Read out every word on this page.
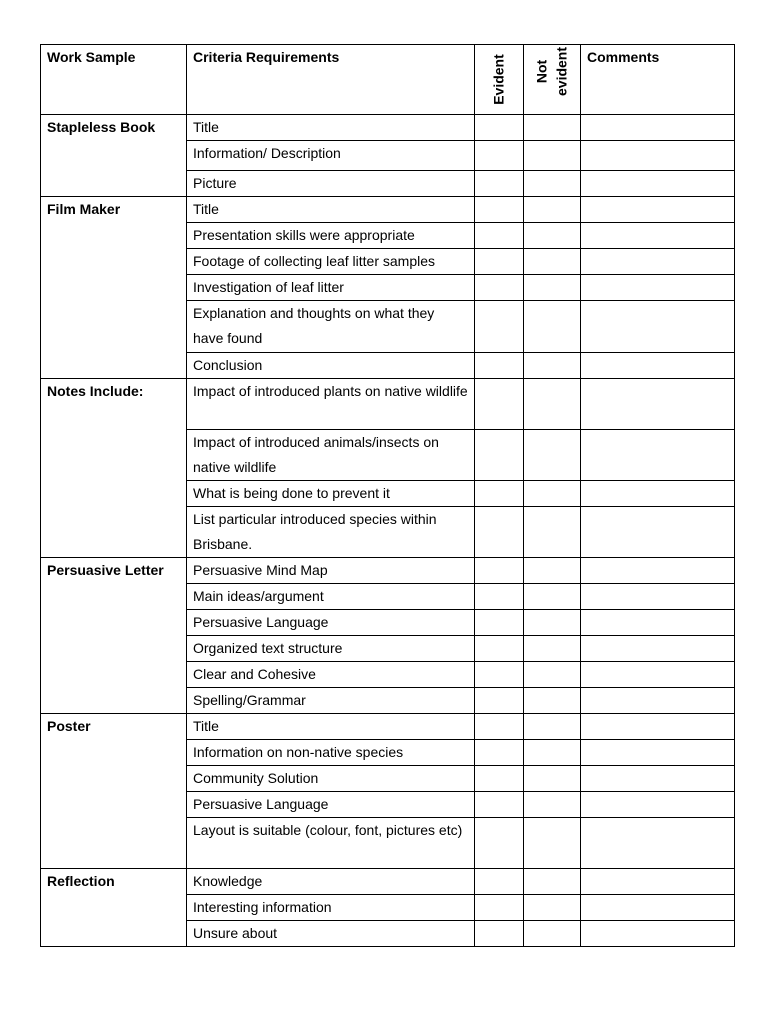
Work Sample	Criteria Requirements	Evident	Not evident	Comments
Stapleless Book	Title			
	Information/ Description			
	Picture			
Film Maker	Title			
	Presentation skills were appropriate			
	Footage of collecting leaf litter samples			
	Investigation of leaf litter			
	Explanation and thoughts on what they have found			
	Conclusion			
Notes Include:	Impact of introduced plants on native wildlife			
	Impact of introduced animals/insects on native wildlife			
	What is being done to prevent it			
	List particular introduced species within Brisbane.			
Persuasive Letter	Persuasive Mind Map			
	Main ideas/argument			
	Persuasive Language			
	Organized text structure			
	Clear and Cohesive			
	Spelling/Grammar			
Poster	Title			
	Information on non-native species			
	Community Solution			
	Persuasive Language			
	Layout is suitable (colour, font, pictures etc)			
Reflection	Knowledge			
	Interesting information			
	Unsure about			
